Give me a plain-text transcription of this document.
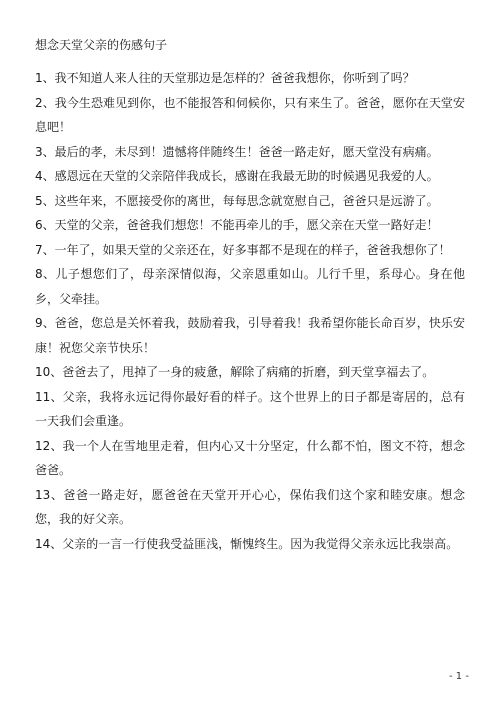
想念天堂父亲的伤感句子

1、我不知道人来人往的天堂那边是怎样的？爸爸我想你，你听到了吗？

2、我今生恐难见到你，也不能报答和伺候你，只有来生了。爸爸，愿你在天堂安息吧！

3、最后的孝，未尽到！遗憾将伴随终生！爸爸一路走好，愿天堂没有病痛。

4、感恩远在天堂的父亲陪伴我成长，感谢在我最无助的时候遇见我爱的人。

5、这些年来，不愿接受你的离世，每每思念就宽慰自己，爸爸只是远游了。

6、天堂的父亲，爸爸我们想您！不能再牵儿的手，愿父亲在天堂一路好走！

7、一年了，如果天堂的父亲还在，好多事都不是现在的样子，爸爸我想你了！

8、儿子想您们了，母亲深情似海，父亲恩重如山。儿行千里，系母心。身在他乡，父牵挂。

9、爸爸，您总是关怀着我，鼓励着我，引导着我！我希望你能长命百岁，快乐安康！祝您父亲节快乐！

10、爸爸去了，甩掉了一身的疲惫，解除了病痛的折磨，到天堂享福去了。

11、父亲，我将永远记得你最好看的样子。这个世界上的日子都是寄居的，总有一天我们会重逢。

12、我一个人在雪地里走着，但内心又十分坚定，什么都不怕，图文不符，想念爸爸。

13、爸爸一路走好，愿爸爸在天堂开开心心，保佑我们这个家和睦安康。想念您，我的好父亲。

14、父亲的一言一行使我受益匪浅，惭愧终生。因为我觉得父亲永远比我崇高。

- 1 -
